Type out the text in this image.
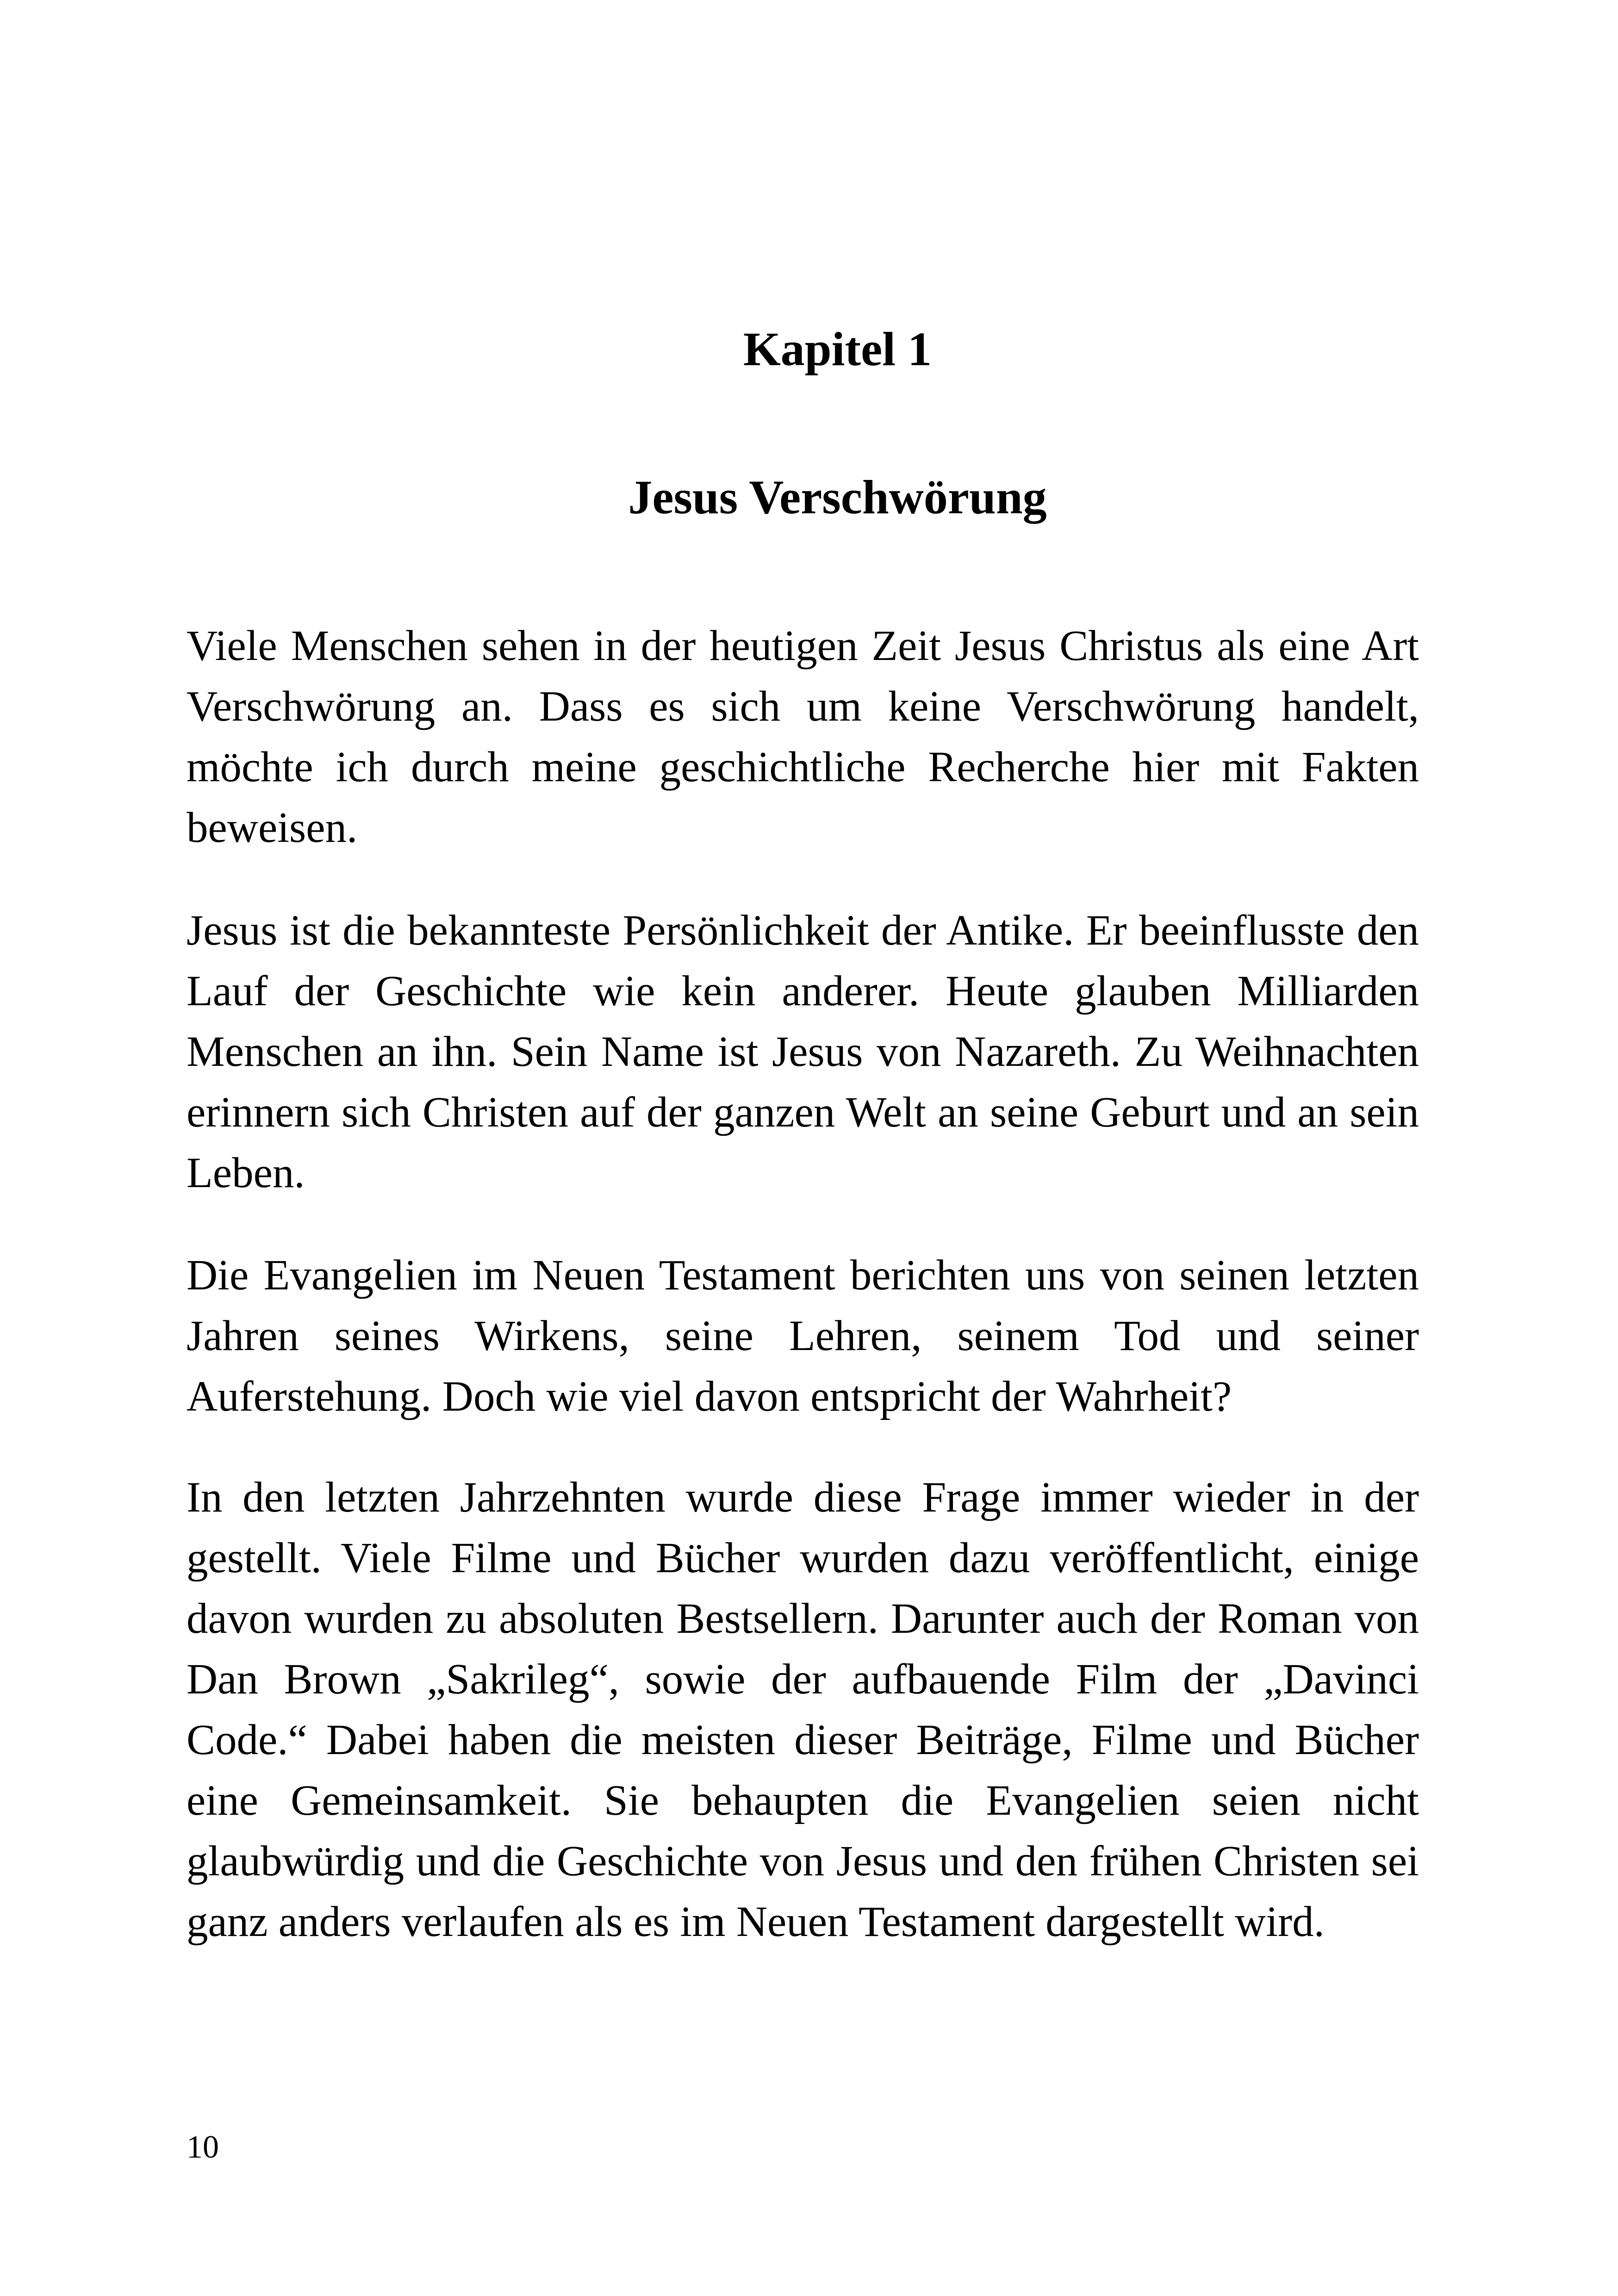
Kapitel 1
Jesus Verschwörung

Viele Menschen sehen in der heutigen Zeit Jesus Christus als eine Art Verschwörung an. Dass es sich um keine Verschwörung handelt, möchte ich durch meine geschichtliche Recherche hier mit Fakten beweisen.

Jesus ist die bekannteste Persönlichkeit der Antike. Er beeinflusste den Lauf der Geschichte wie kein anderer. Heute glauben Milliarden Menschen an ihn. Sein Name ist Jesus von Nazareth. Zu Weihnachten erinnern sich Christen auf der ganzen Welt an seine Geburt und an sein Leben.

Die Evangelien im Neuen Testament berichten uns von seinen letzten Jahren seines Wirkens, seine Lehren, seinem Tod und seiner Auferstehung. Doch wie viel davon entspricht der Wahrheit?

In den letzten Jahrzehnten wurde diese Frage immer wieder in der gestellt. Viele Filme und Bücher wurden dazu veröffentlicht, einige davon wurden zu absoluten Bestsellern. Darunter auch der Roman von Dan Brown „Sakrileg“, sowie der aufbauende Film der „Davinci Code.“ Dabei haben die meisten dieser Beiträge, Filme und Bücher eine Gemeinsamkeit. Sie behaupten die Evangelien seien nicht glaubwürdig und die Geschichte von Jesus und den frühen Christen sei ganz anders verlaufen als es im Neuen Testament dargestellt wird.

10
